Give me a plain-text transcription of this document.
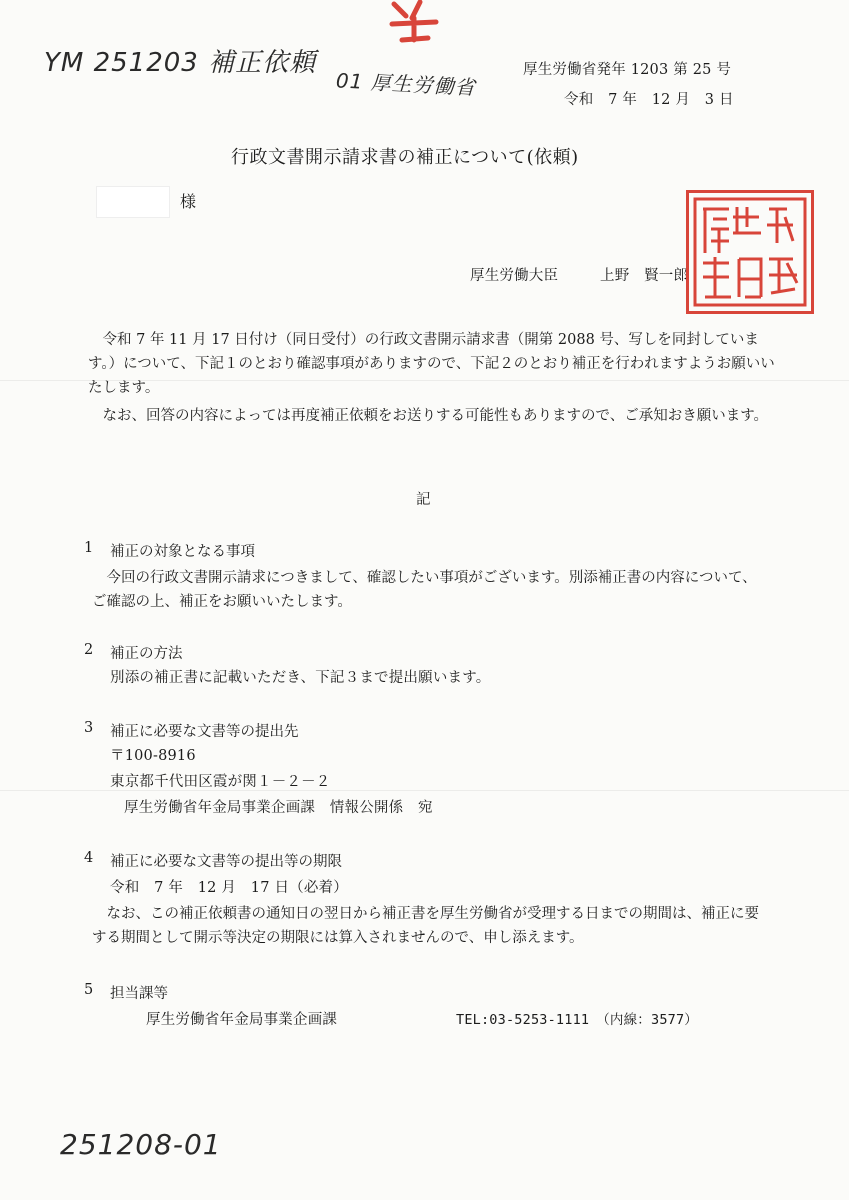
YM 251203 補正依頼
01 厚生労働省
251208-01
厚生労働省発年 1203 第 25 号
令和　7 年　12 月　3 日
行政文書開示請求書の補正について(依頼)
様
厚生労働大臣	上野　賢一郎
令和 7 年 11 月 17 日付け（同日受付）の行政文書開示請求書（開第 2088 号、写しを同封しています。）について、下記１のとおり確認事項がありますので、下記２のとおり補正を行われますようお願いいたします。
なお、回答の内容によっては再度補正依頼をお送りする可能性もありますので、ご承知おき願います。
記
1 補正の対象となる事項
今回の行政文書開示請求につきまして、確認したい事項がございます。別添補正書の内容について、ご確認の上、補正をお願いいたします。
2 補正の方法
別添の補正書に記載いただき、下記３まで提出願います。
3 補正に必要な文書等の提出先
〒100-8916
東京都千代田区霞が関１－２－２
厚生労働省年金局事業企画課　情報公開係　宛
4 補正に必要な文書等の提出等の期限
令和　7 年　12 月　17 日（必着）
なお、この補正依頼書の通知日の翌日から補正書を厚生労働省が受理する日までの期間は、補正に要する期間として開示等決定の期限には算入されませんので、申し添えます。
5 担当課等
厚生労働省年金局事業企画課	TEL:03-5253-1111　（内線：3577）
